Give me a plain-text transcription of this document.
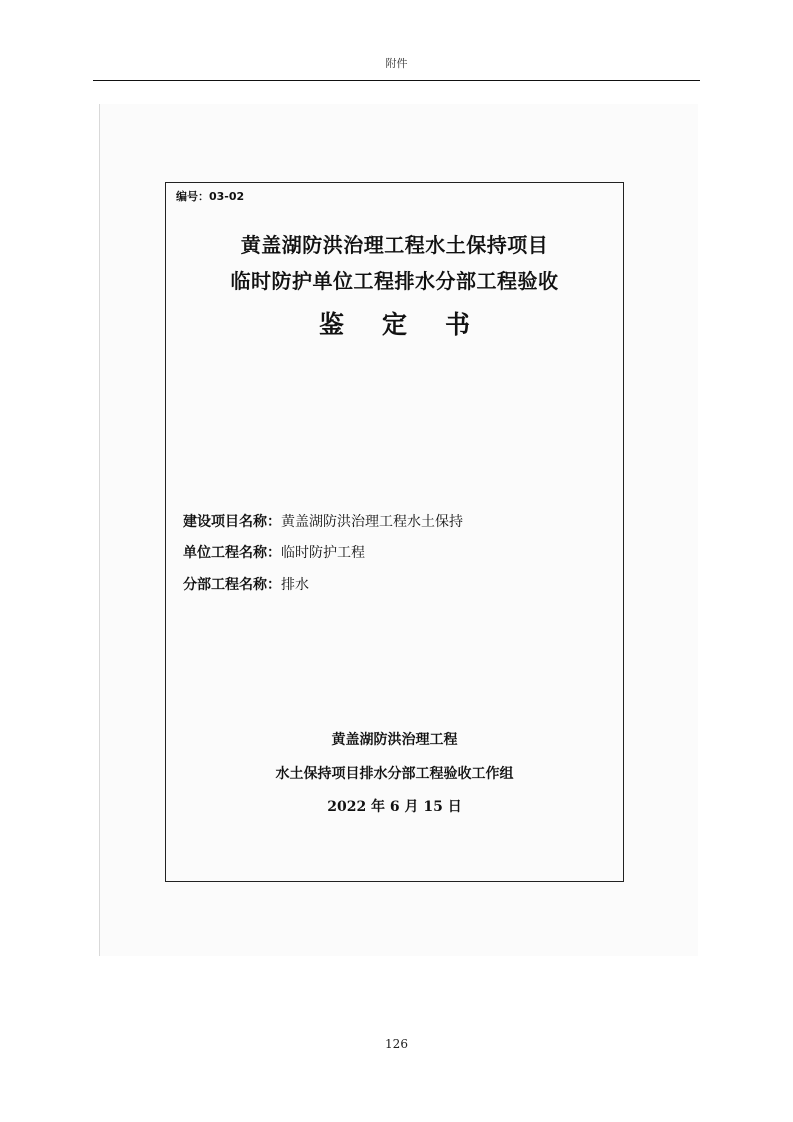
附件
编号：03-02
黄盖湖防洪治理工程水土保持项目
临时防护单位工程排水分部工程验收
鉴定书
建设项目名称：黄盖湖防洪治理工程水土保持
单位工程名称：临时防护工程
分部工程名称：排水
黄盖湖防洪治理工程
水土保持项目排水分部工程验收工作组
2022 年 6 月 15 日
126
